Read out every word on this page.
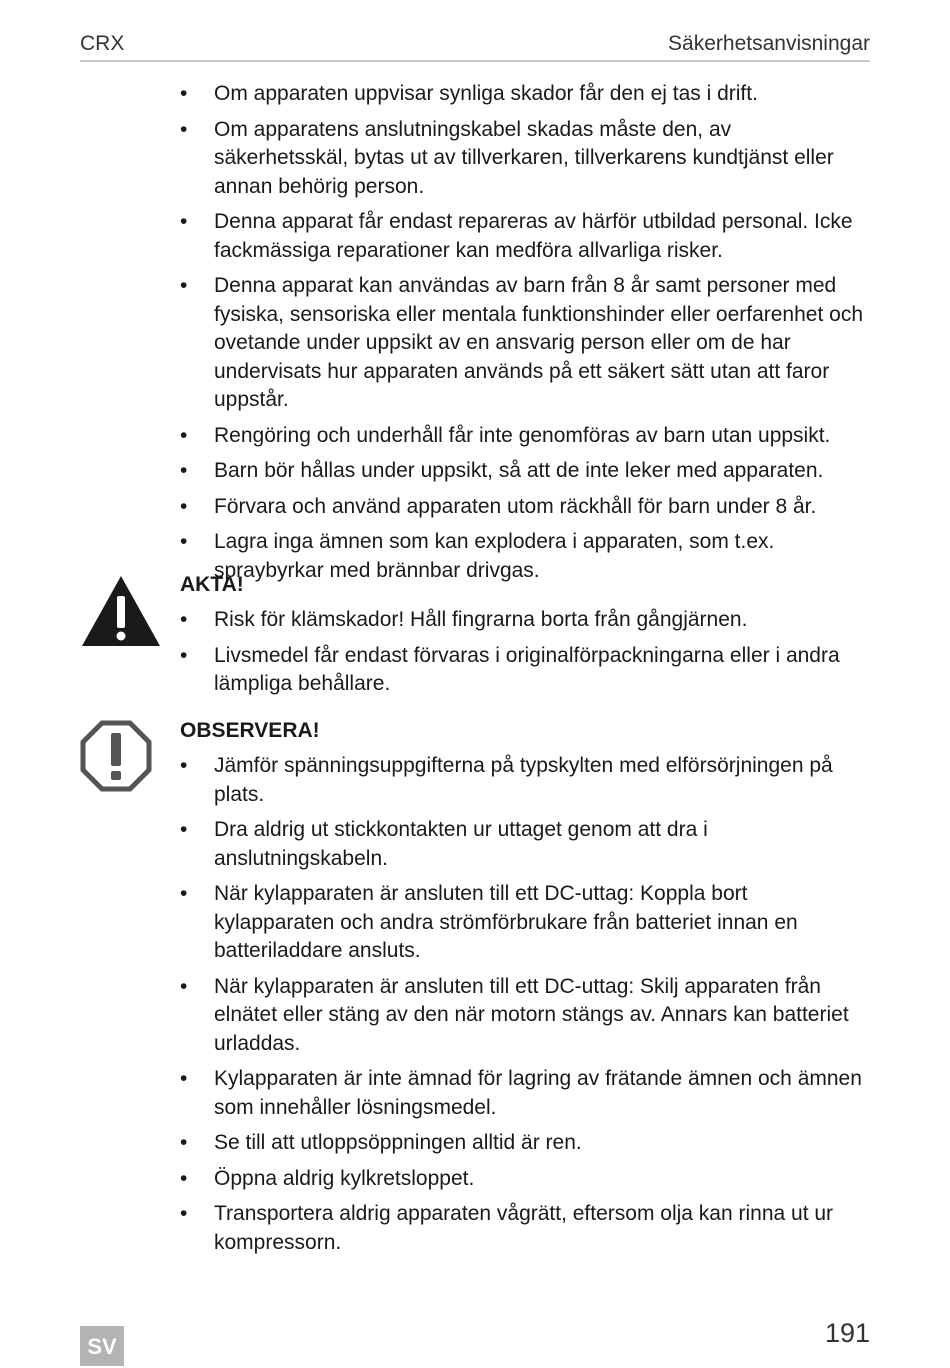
CRX	Säkerhetsanvisningar
•	Om apparaten uppvisar synliga skador får den ej tas i drift.
•	Om apparatens anslutningskabel skadas måste den, av säkerhetsskäl, bytas ut av tillverkaren, tillverkarens kundtjänst eller annan behörig person.
•	Denna apparat får endast repareras av härför utbildad personal. Icke fackmässiga reparationer kan medföra allvarliga risker.
•	Denna apparat kan användas av barn från 8 år samt personer med fysiska, sensoriska eller mentala funktionshinder eller oerfarenhet och ovetande under uppsikt av en ansvarig person eller om de har undervisats hur apparaten används på ett säkert sätt utan att faror uppstår.
•	Rengöring och underhåll får inte genomföras av barn utan uppsikt.
•	Barn bör hållas under uppsikt, så att de inte leker med apparaten.
•	Förvara och använd apparaten utom räckhåll för barn under 8 år.
•	Lagra inga ämnen som kan explodera i apparaten, som t.ex. spraybyrkar med brännbar drivgas.
AKTA!
•	Risk för klämskador! Håll fingrarna borta från gångjärnen.
•	Livsmedel får endast förvaras i originalförpackningarna eller i andra lämpliga behållare.
OBSERVERA!
•	Jämför spänningsuppgifterna på typskylten med elförsörjningen på plats.
•	Dra aldrig ut stickkontakten ur uttaget genom att dra i anslutningskabeln.
•	När kylapparaten är ansluten till ett DC-uttag: Koppla bort kylapparaten och andra strömförbrukare från batteriet innan en batteriladdare ansluts.
•	När kylapparaten är ansluten till ett DC-uttag: Skilj apparaten från elnätet eller stäng av den när motorn stängs av. Annars kan batteriet urladdas.
•	Kylapparaten är inte ämnad för lagring av frätande ämnen och ämnen som innehåller lösningsmedel.
•	Se till att utloppsöppningen alltid är ren.
•	Öppna aldrig kylkretsloppet.
•	Transportera aldrig apparaten vågrätt, eftersom olja kan rinna ut ur kompressorn.
SV	191
